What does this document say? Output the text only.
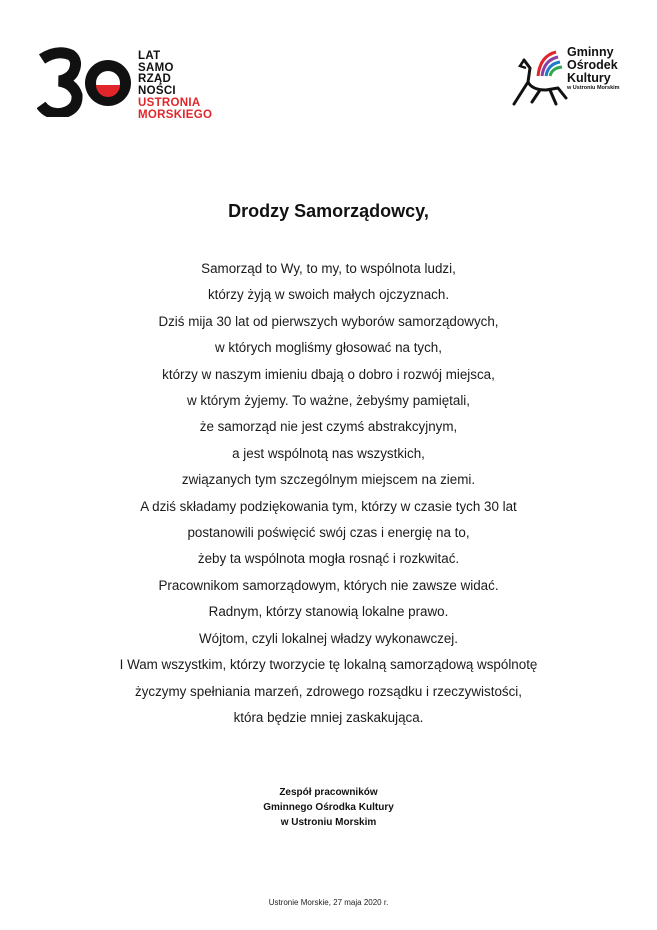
LAT
SAMO
RZĄD
NOŚCI
USTRONIA
MORSKIEGO
Gminny
Ośrodek
Kultury
w Ustroniu Morskim
Drodzy Samorządowcy,
Samorząd to Wy, to my, to wspólnota ludzi,
którzy żyją w swoich małych ojczyznach.
Dziś mija 30 lat od pierwszych wyborów samorządowych,
w których mogliśmy głosować na tych,
którzy w naszym imieniu dbają o dobro i rozwój miejsca,
w którym żyjemy. To ważne, żebyśmy pamiętali,
że samorząd nie jest czymś abstrakcyjnym,
a jest wspólnotą nas wszystkich,
związanych tym szczególnym miejscem na ziemi.
A dziś składamy podziękowania tym, którzy w czasie tych 30 lat
postanowili poświęcić swój czas i energię na to,
żeby ta wspólnota mogła rosnąć i rozkwitać.
Pracownikom samorządowym, których nie zawsze widać.
Radnym, którzy stanowią lokalne prawo.
Wójtom, czyli lokalnej władzy wykonawczej.
I Wam wszystkim, którzy tworzycie tę lokalną samorządową wspólnotę
życzymy spełniania marzeń, zdrowego rozsądku i rzeczywistości,
która będzie mniej zaskakująca.
Zespół pracowników
Gminnego Ośrodka Kultury
w Ustroniu Morskim
Ustronie Morskie, 27 maja 2020 r.
